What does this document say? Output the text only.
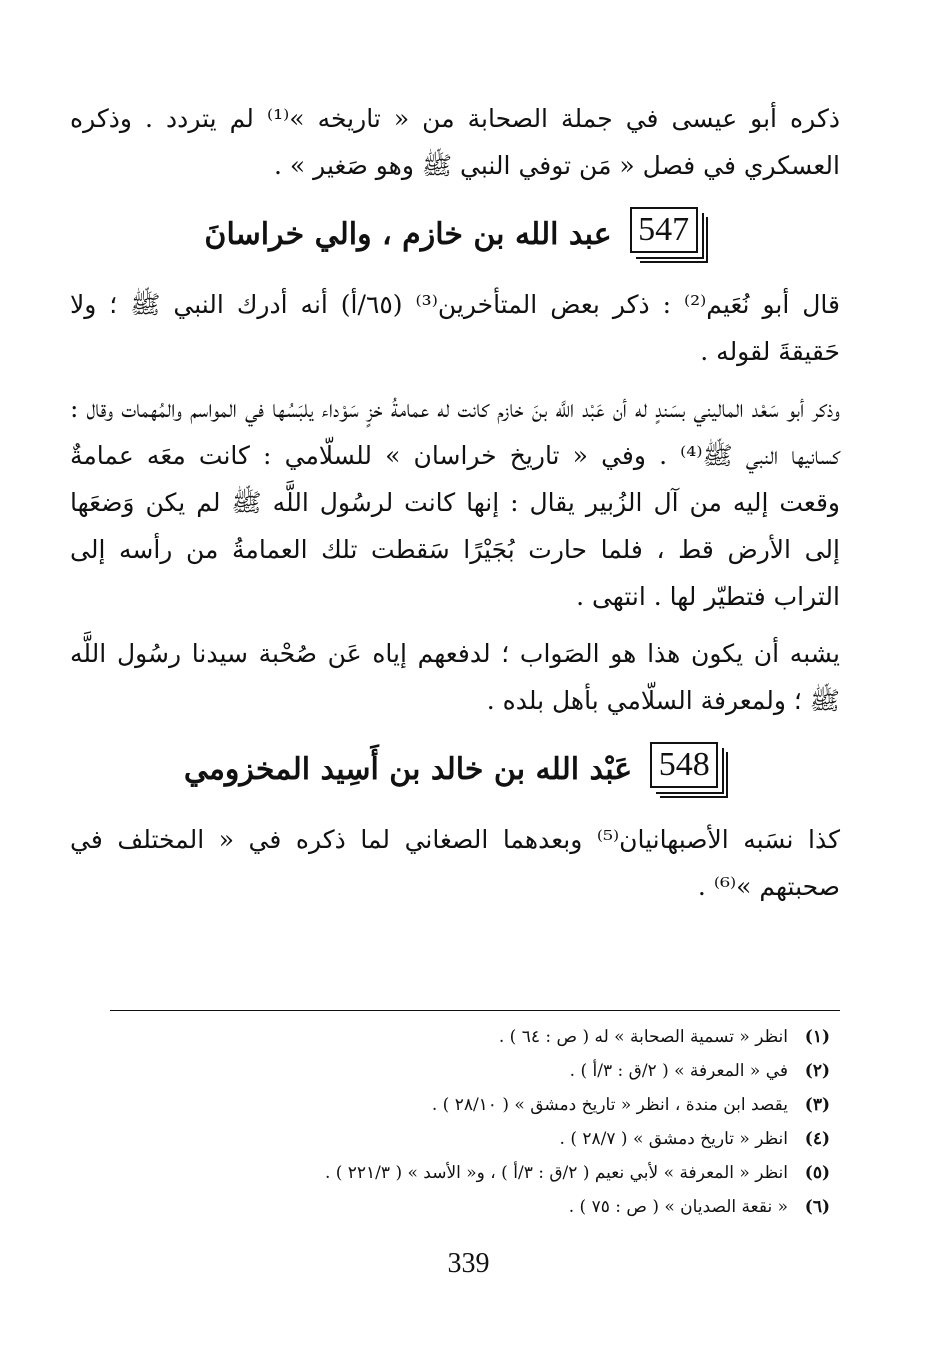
ذكره أبو عيسى في جملة الصحابة من « تاريخه »⁽¹⁾ لم يتردد . وذكره العسكري في فصل « مَن توفي النبي ﷺ وهو صَغير » .

547
عبد الله بن خازم ، والي خراسانَ

قال أبو نُعَيم⁽²⁾ : ذكر بعض المتأخرين⁽³⁾ (٦٥/أ) أنه أدرك النبي ﷺ ؛ ولا حَقيقةَ لقوله .

وذكر أبو سَعْد الماليني بسَندٍ له أن عَبْد اللَّه بنَ خازم كانت له عمامةُ خزٍ سَوْداء يلبَسُها في المواسم والمُهمات وقال : كسانيها النبي ﷺ⁽⁴⁾ . وفي « تاريخ خراسان » للسلّامي : كانت معَه عمامةٌ وقعت إليه من آل الزُبير يقال : إنها كانت لرسُول اللَّه ﷺ لم يكن وَضعَها إلى الأرض قط ، فلما حارت بُجَيْرًا سَقطت تلك العمامةُ من رأسه إلى التراب فتطيّر لها . انتهى .

يشبه أن يكون هذا هو الصَواب ؛ لدفعهم إياه عَن صُحْبة سيدنا رسُول اللَّه ﷺ ؛ ولمعرفة السلّامي بأهل بلده .

548
عَبْد الله بن خالد بن أَسِيد المخزومي

كذا نسَبه الأصبهانيان⁽⁵⁾ وبعدهما الصغاني لما ذكره في « المختلف في صحبتهم »⁽⁶⁾ .

(١)
انظر « تسمية الصحابة » له ( ص : ٦٤ ) .
(٢)
في « المعرفة » ( ٢/ق : ٣/أ ) .
(٣)
يقصد ابن مندة ، انظر « تاريخ دمشق » ( ٢٨/١٠ ) .
(٤)
انظر « تاريخ دمشق » ( ٢٨/٧ ) .
(٥)
انظر « المعرفة » لأبي نعيم ( ٢/ق : ٣/أ ) ، و« الأسد » ( ٢٢١/٣ ) .
(٦)
« نقعة الصديان » ( ص : ٧٥ ) .
339
